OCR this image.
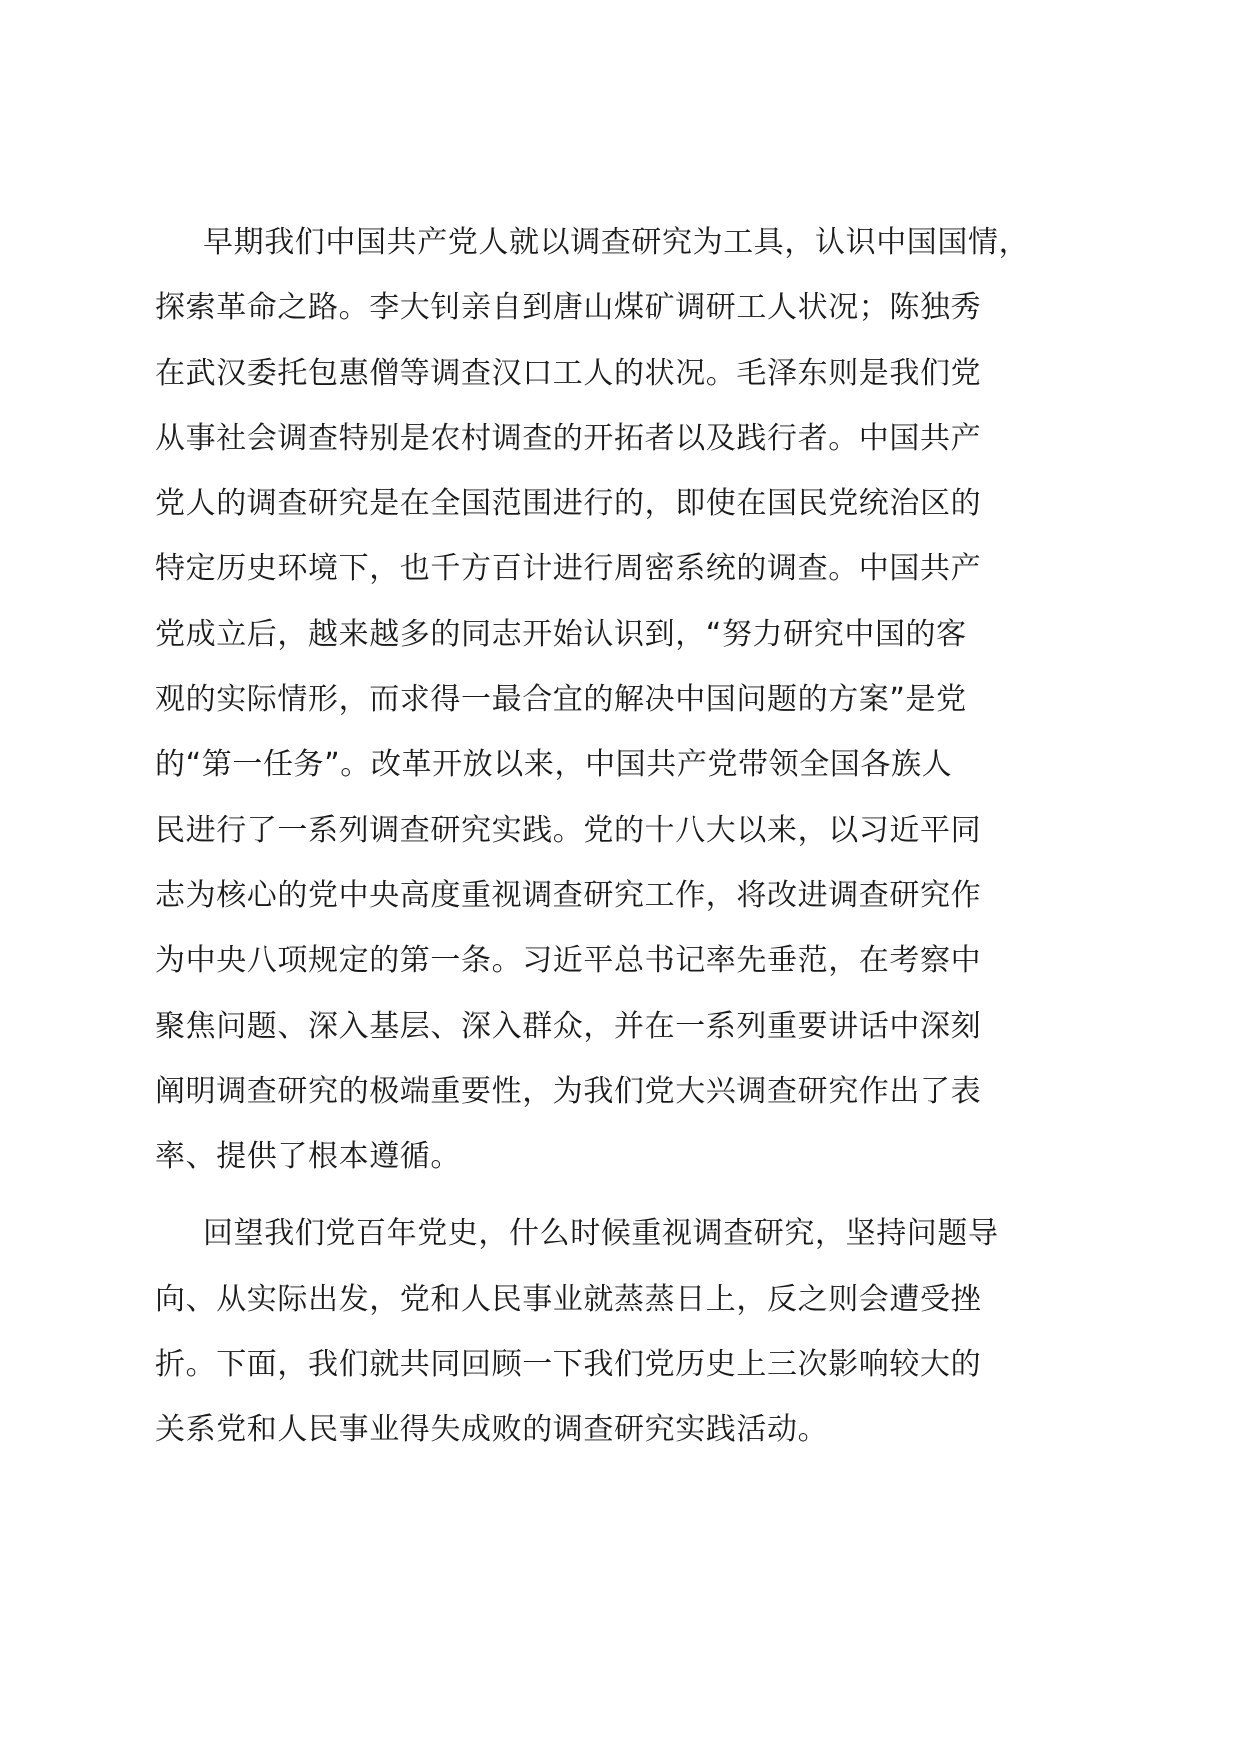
早期我们中国共产党人就以调查研究为工具，认识中国国情，
探索革命之路。李大钊亲自到唐山煤矿调研工人状况；陈独秀
在武汉委托包惠僧等调查汉口工人的状况。毛泽东则是我们党
从事社会调查特别是农村调查的开拓者以及践行者。中国共产
党人的调查研究是在全国范围进行的，即使在国民党统治区的
特定历史环境下，也千方百计进行周密系统的调查。中国共产
党成立后，越来越多的同志开始认识到，“努力研究中国的客
观的实际情形，而求得一最合宜的解决中国问题的方案”是党
的“第一任务”。改革开放以来，中国共产党带领全国各族人
民进行了一系列调查研究实践。党的十八大以来，以习近平同
志为核心的党中央高度重视调查研究工作，将改进调查研究作
为中央八项规定的第一条。习近平总书记率先垂范，在考察中
聚焦问题、深入基层、深入群众，并在一系列重要讲话中深刻
阐明调查研究的极端重要性，为我们党大兴调查研究作出了表
率、提供了根本遵循。
回望我们党百年党史，什么时候重视调查研究，坚持问题导
向、从实际出发，党和人民事业就蒸蒸日上，反之则会遭受挫
折。下面，我们就共同回顾一下我们党历史上三次影响较大的
关系党和人民事业得失成败的调查研究实践活动。
